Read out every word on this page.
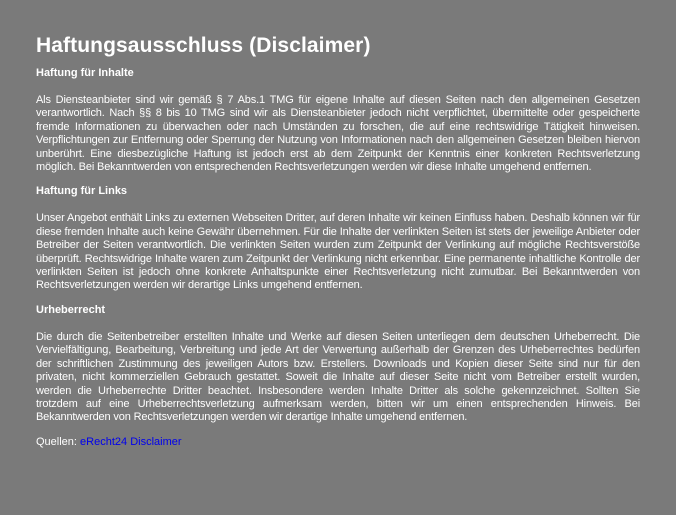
Haftungsausschluss (Disclaimer)
Haftung für Inhalte

Als Diensteanbieter sind wir gemäß § 7 Abs.1 TMG für eigene Inhalte auf diesen Seiten nach den allgemeinen Gesetzen verantwortlich. Nach §§ 8 bis 10 TMG sind wir als Diensteanbieter jedoch nicht verpflichtet, übermittelte oder gespeicherte fremde Informationen zu überwachen oder nach Umständen zu forschen, die auf eine rechtswidrige Tätigkeit hinweisen. Verpflichtungen zur Entfernung oder Sperrung der Nutzung von Informationen nach den allgemeinen Gesetzen bleiben hiervon unberührt. Eine diesbezügliche Haftung ist jedoch erst ab dem Zeitpunkt der Kenntnis einer konkreten Rechtsverletzung möglich. Bei Bekanntwerden von entsprechenden Rechtsverletzungen werden wir diese Inhalte umgehend entfernen.

Haftung für Links

Unser Angebot enthält Links zu externen Webseiten Dritter, auf deren Inhalte wir keinen Einfluss haben. Deshalb können wir für diese fremden Inhalte auch keine Gewähr übernehmen. Für die Inhalte der verlinkten Seiten ist stets der jeweilige Anbieter oder Betreiber der Seiten verantwortlich. Die verlinkten Seiten wurden zum Zeitpunkt der Verlinkung auf mögliche Rechtsverstöße überprüft. Rechtswidrige Inhalte waren zum Zeitpunkt der Verlinkung nicht erkennbar. Eine permanente inhaltliche Kontrolle der verlinkten Seiten ist jedoch ohne konkrete Anhaltspunkte einer Rechtsverletzung nicht zumutbar. Bei Bekanntwerden von Rechtsverletzungen werden wir derartige Links umgehend entfernen.

Urheberrecht

Die durch die Seitenbetreiber erstellten Inhalte und Werke auf diesen Seiten unterliegen dem deutschen Urheberrecht. Die Vervielfältigung, Bearbeitung, Verbreitung und jede Art der Verwertung außerhalb der Grenzen des Urheberrechtes bedürfen der schriftlichen Zustimmung des jeweiligen Autors bzw. Erstellers. Downloads und Kopien dieser Seite sind nur für den privaten, nicht kommerziellen Gebrauch gestattet. Soweit die Inhalte auf dieser Seite nicht vom Betreiber erstellt wurden, werden die Urheberrechte Dritter beachtet. Insbesondere werden Inhalte Dritter als solche gekennzeichnet. Sollten Sie trotzdem auf eine Urheberrechtsverletzung aufmerksam werden, bitten wir um einen entsprechenden Hinweis. Bei Bekanntwerden von Rechtsverletzungen werden wir derartige Inhalte umgehend entfernen.

Quellen: eRecht24 Disclaimer
